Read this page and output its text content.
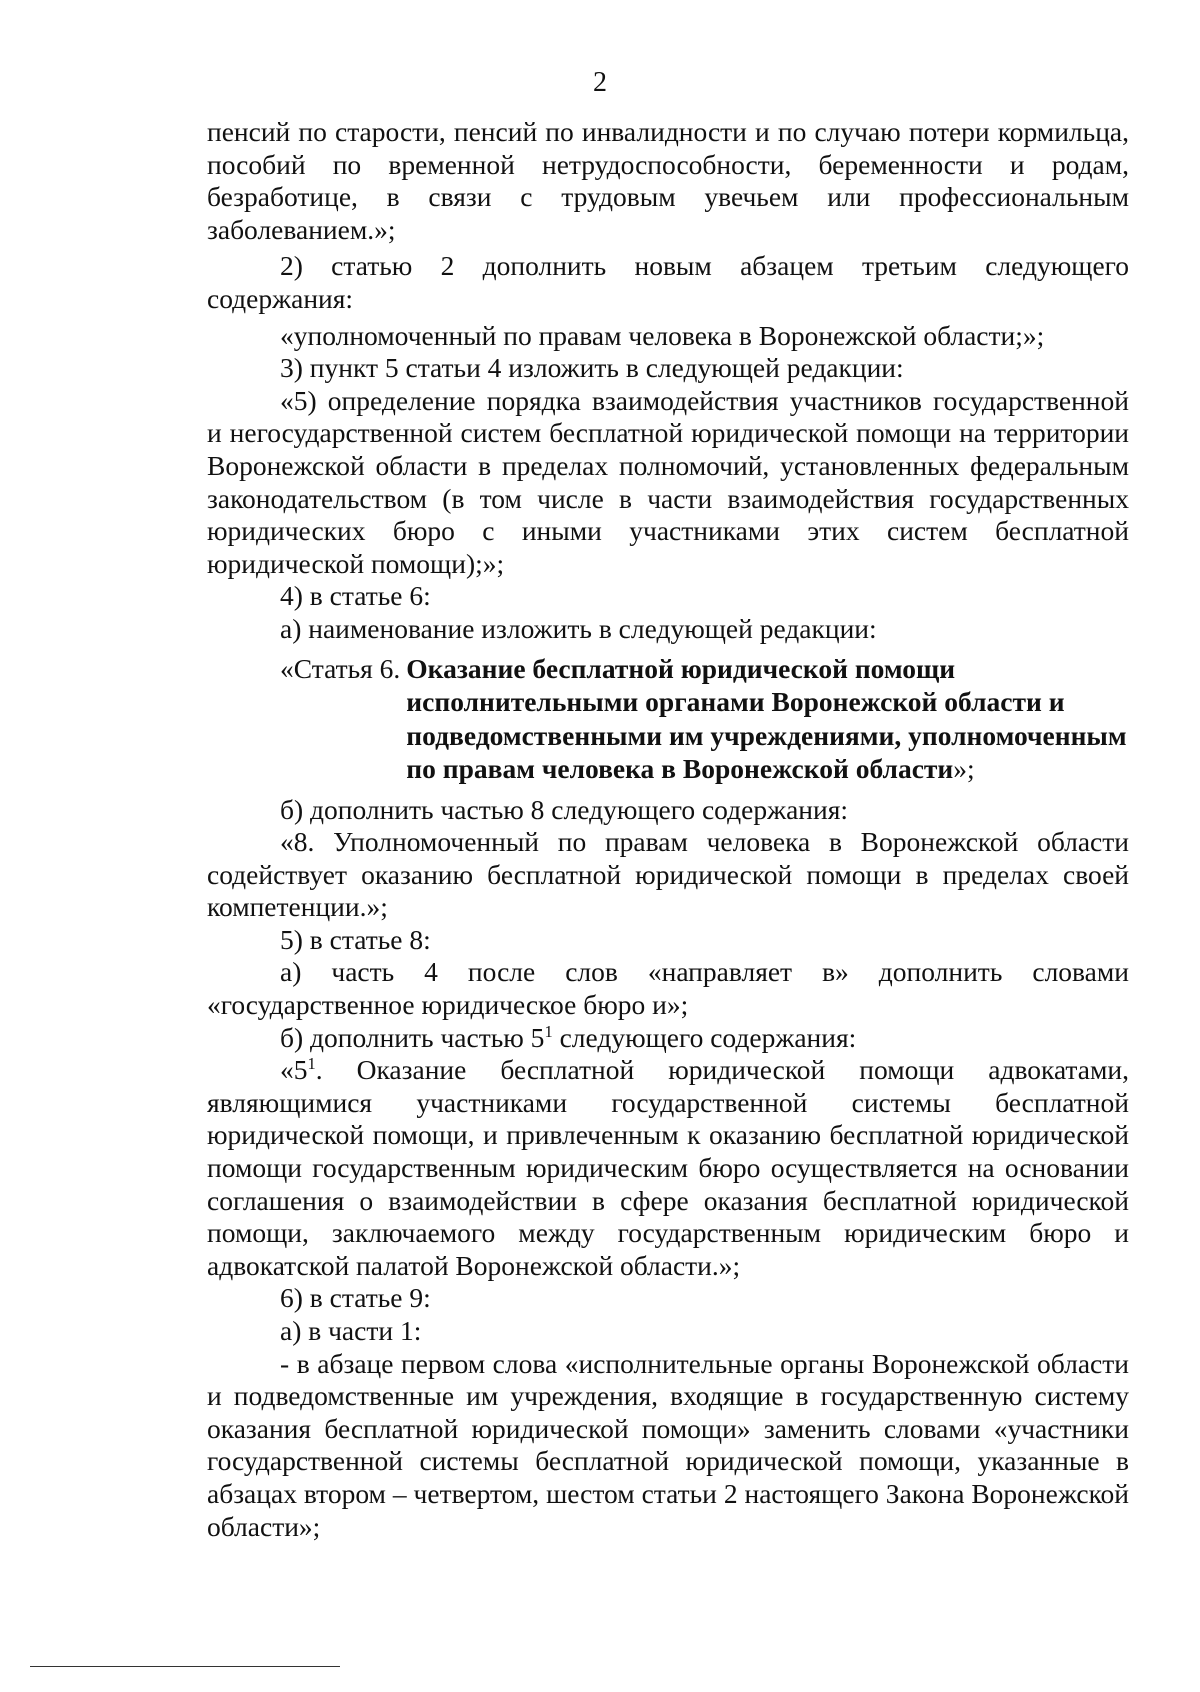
2

пенсий по старости, пенсий по инвалидности и по случаю потери кормильца, пособий по временной нетрудоспособности, беременности и родам, безработице, в связи с трудовым увечьем или профессиональным заболеванием.»;

2) статью 2 дополнить новым абзацем третьим следующего содержания:

«уполномоченный по правам человека в Воронежской области;»;

3) пункт 5 статьи 4 изложить в следующей редакции:

«5) определение порядка взаимодействия участников государственной и негосударственной систем бесплатной юридической помощи на территории Воронежской области в пределах полномочий, установленных федеральным законодательством (в том числе в части взаимодействия государственных юридических бюро с иными участниками этих систем бесплатной юридической помощи);»;

4) в статье 6:

а) наименование изложить в следующей редакции:

«Статья 6. Оказание бесплатной юридической помощи исполнительными органами Воронежской области и подведомственными им учреждениями, уполномоченным по правам человека в Воронежской области»;

б) дополнить частью 8 следующего содержания:

«8. Уполномоченный по правам человека в Воронежской области содействует оказанию бесплатной юридической помощи в пределах своей компетенции.»;

5) в статье 8:

а) часть 4 после слов «направляет в» дополнить словами «государственное юридическое бюро и»;

б) дополнить частью $5^1$ следующего содержания:

«$5^1$. Оказание бесплатной юридической помощи адвокатами, являющимися участниками государственной системы бесплатной юридической помощи, и привлеченным к оказанию бесплатной юридической помощи государственным юридическим бюро осуществляется на основании соглашения о взаимодействии в сфере оказания бесплатной юридической помощи, заключаемого между государственным юридическим бюро и адвокатской палатой Воронежской области.»;

6) в статье 9:

а) в части 1:

- в абзаце первом слова «исполнительные органы Воронежской области и подведомственные им учреждения, входящие в государственную систему оказания бесплатной юридической помощи» заменить словами «участники государственной системы бесплатной юридической помощи, указанные в абзацах втором – четвертом, шестом статьи 2 настоящего Закона Воронежской области»;
